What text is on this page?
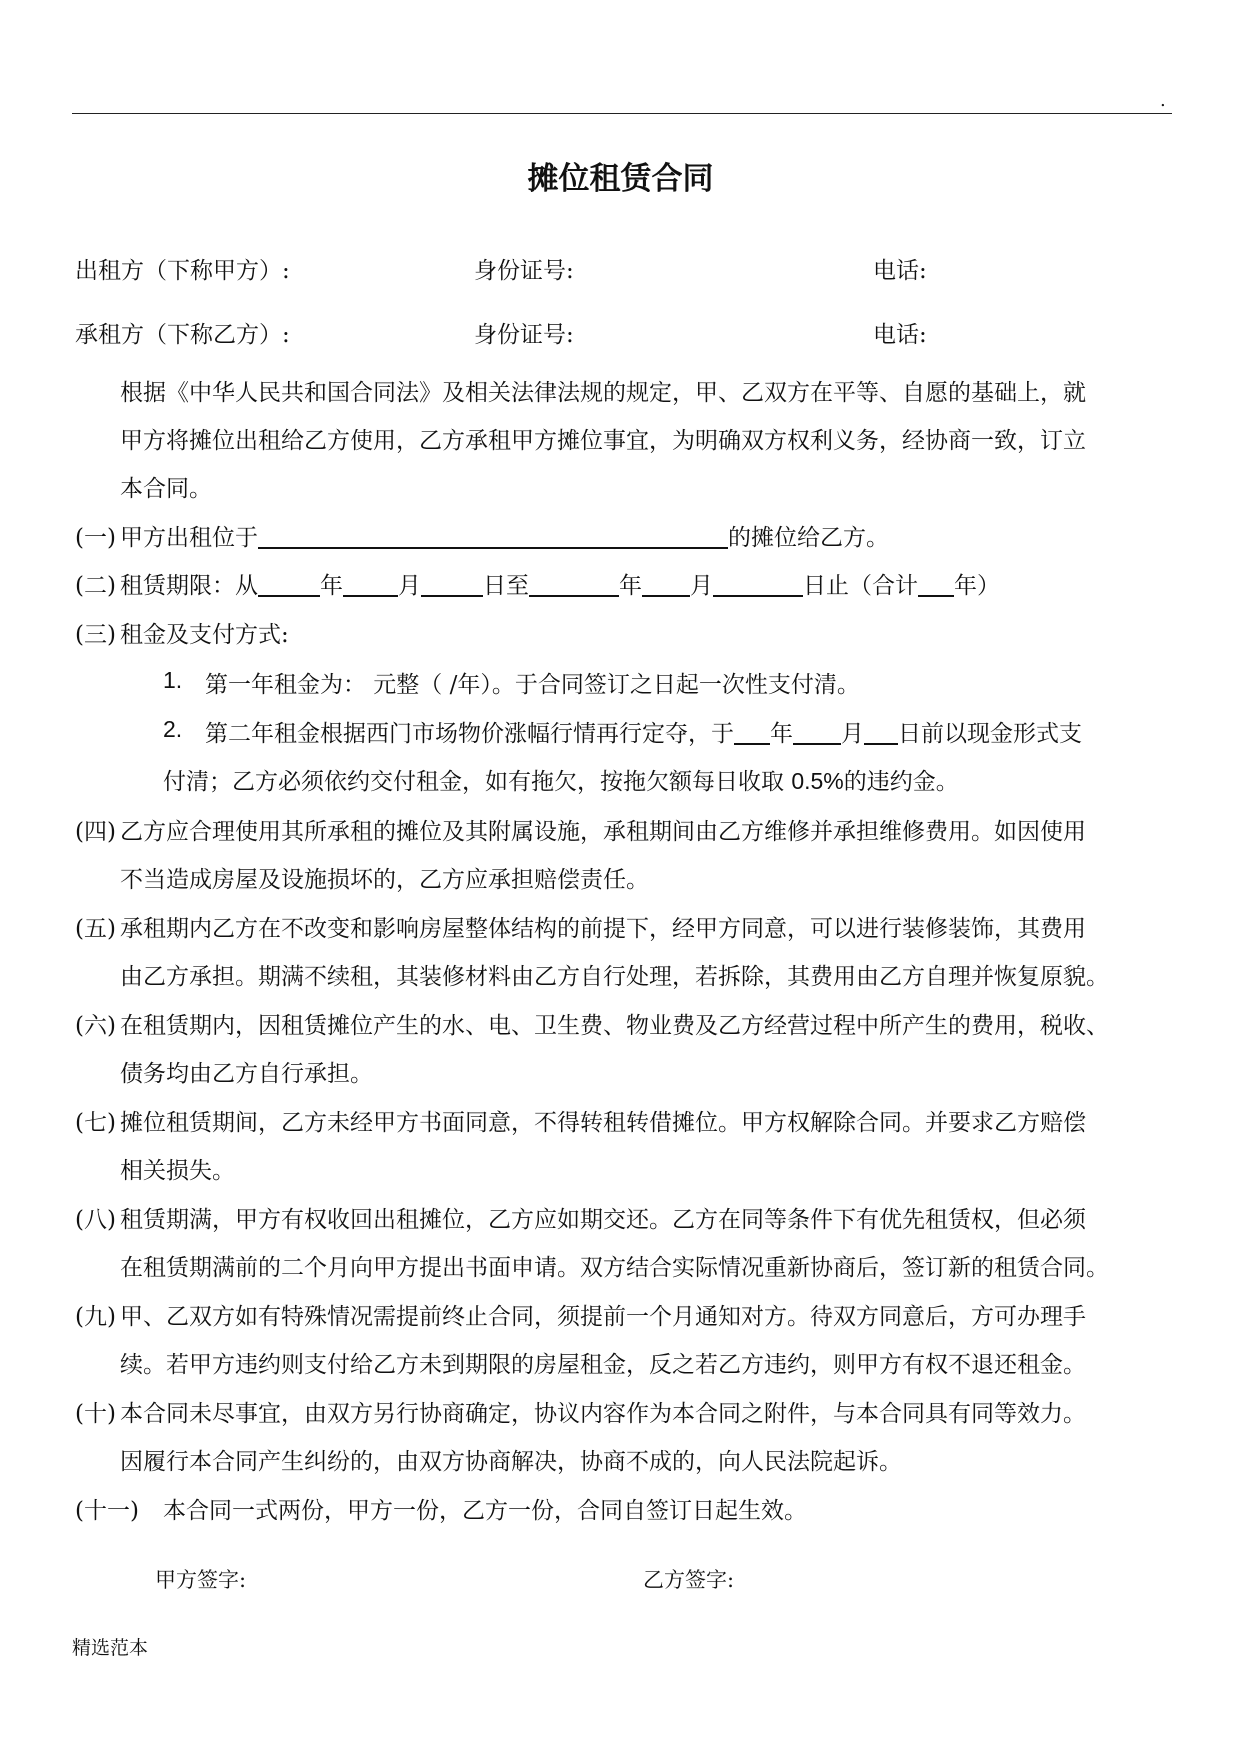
.
摊位租赁合同
出租方（下称甲方）:	身份证号:	电话:
承租方（下称乙方）:	身份证号:	电话:
根据《中华人民共和国合同法》及相关法律法规的规定，甲、乙双方在平等、自愿的基础上，就
甲方将摊位出租给乙方使用，乙方承租甲方摊位事宜，为明确双方权利义务，经协商一致，订立
本合同。
(一) 甲方出租位于	的摊位给乙方。
(二) 租赁期限：从	年 月	日至	年 月	日止（合计 年）
(三) 租金及支付方式:
1. 第一年租金为： 元整（ /年）。于合同签订之日起一次性支付清。
2. 第二年租金根据西门市场物价涨幅行情再行定夺，于 年 月 日前以现金形式支
付清；乙方必须依约交付租金，如有拖欠，按拖欠额每日收取 0.5%的违约金。
(四) 乙方应合理使用其所承租的摊位及其附属设施，承租期间由乙方维修并承担维修费用。如因使用
不当造成房屋及设施损坏的，乙方应承担赔偿责任。
(五) 承租期内乙方在不改变和影响房屋整体结构的前提下，经甲方同意，可以进行装修装饰，其费用
由乙方承担。期满不续租，其装修材料由乙方自行处理，若拆除，其费用由乙方自理并恢复原貌。
(六) 在租赁期内，因租赁摊位产生的水、电、卫生费、物业费及乙方经营过程中所产生的费用，税收、
债务均由乙方自行承担。
(七) 摊位租赁期间，乙方未经甲方书面同意，不得转租转借摊位。甲方权解除合同。并要求乙方赔偿
相关损失。
(八) 租赁期满，甲方有权收回出租摊位，乙方应如期交还。乙方在同等条件下有优先租赁权，但必须
在租赁期满前的二个月向甲方提出书面申请。双方结合实际情况重新协商后，签订新的租赁合同。
(九) 甲、乙双方如有特殊情况需提前终止合同，须提前一个月通知对方。待双方同意后，方可办理手
续。若甲方违约则支付给乙方未到期限的房屋租金，反之若乙方违约，则甲方有权不退还租金。
(十) 本合同未尽事宜，由双方另行协商确定，协议内容作为本合同之附件，与本合同具有同等效力。
因履行本合同产生纠纷的，由双方协商解决，协商不成的，向人民法院起诉。
(十一) 本合同一式两份，甲方一份，乙方一份，合同自签订日起生效。
甲方签字:	乙方签字:
精选范本
